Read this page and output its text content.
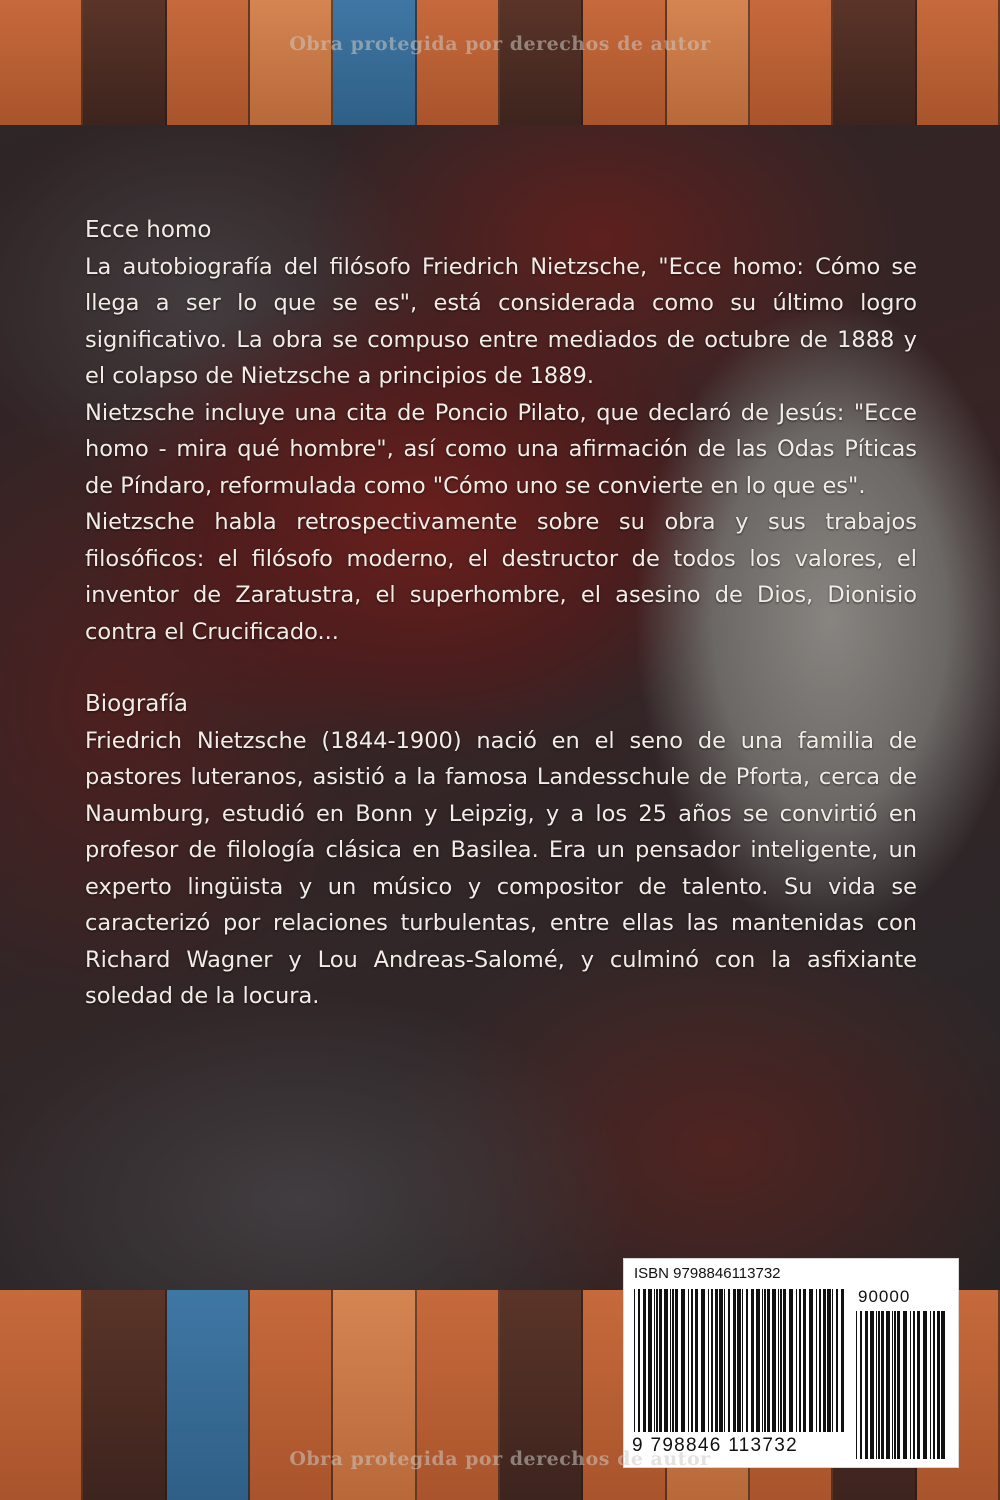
Obra protegida por derechos de autor

Ecce homo

La autobiografía del filósofo Friedrich Nietzsche, "Ecce homo: Cómo se llega a ser lo que se es", está considerada como su último logro significativo. La obra se compuso entre mediados de octubre de 1888 y el colapso de Nietzsche a principios de 1889.

Nietzsche incluye una cita de Poncio Pilato, que declaró de Jesús: "Ecce homo - mira qué hombre", así como una afirmación de las Odas Píticas de Píndaro, reformulada como "Cómo uno se convierte en lo que es".

Nietzsche habla retrospectivamente sobre su obra y sus trabajos filosóficos: el filósofo moderno, el destructor de todos los valores, el inventor de Zaratustra, el superhombre, el asesino de Dios, Dionisio contra el Crucificado...

Biografía

Friedrich Nietzsche (1844-1900) nació en el seno de una familia de pastores luteranos, asistió a la famosa Landesschule de Pforta, cerca de Naumburg, estudió en Bonn y Leipzig, y a los 25 años se convirtió en profesor de filología clásica en Basilea. Era un pensador inteligente, un experto lingüista y un músico y compositor de talento. Su vida se caracterizó por relaciones turbulentas, entre ellas las mantenidas con Richard Wagner y Lou Andreas-Salomé, y culminó con la asfixiante soledad de la locura.

ISBN 9798846113732
90000
9 798846 113732
Obra protegida por derechos de autor
